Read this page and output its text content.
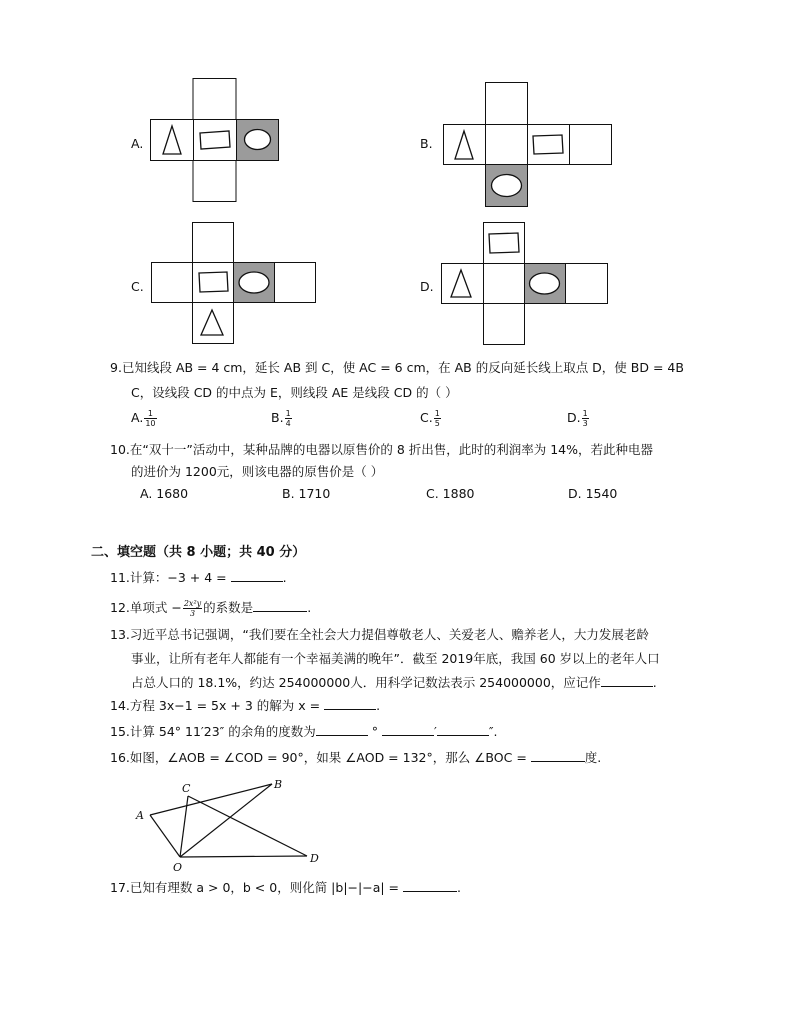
A.	B.
C.	D.
9.已知线段 AB = 4 cm，延长 AB 到 C，使 AC = 6 cm，在 AB 的反向延长线上取点 D，使 BD = 4B
C，设线段 CD 的中点为 E，则线段 AE 是线段 CD 的（ ）
A. $\frac{1}{10}$	B. $\frac{1}{4}$	C. $\frac{1}{5}$	D. $\frac{1}{3}$
10.在“双十一”活动中，某种品牌的电器以原售价的 8 折出售，此时的利润率为 14%，若此种电器
的进价为 1200元，则该电器的原售价是（ ）
A. 1680	B. 1710	C. 1880	D. 1540
二、填空题（共 8 小题；共 40 分）
11.计算：−3 + 4 =	.
12.单项式 − $\frac{\text{2x²y}}{3}$ 的系数是	.
13.习近平总书记强调，“我们要在全社会大力提倡尊敬老人、关爱老人、赡养老人，大力发展老龄
事业，让所有老年人都能有一个幸福美满的晚年”．截至 2019年底，我国 60 岁以上的老年人口
占总人口的 18.1%，约达 254000000人．用科学记数法表示 254000000，应记作	.
14.方程 3x−1 = 5x + 3 的解为 x =	.
15.计算 54° 11′23″ 的余角的度数为	°	′	″.
16.如图，∠AOB = ∠COD = 90°，如果 ∠AOD = 132°，那么 ∠BOC =	度.
A
B
C
D
O
17.已知有理数 a > 0，b < 0，则化简 |b|−|−a| =	.
